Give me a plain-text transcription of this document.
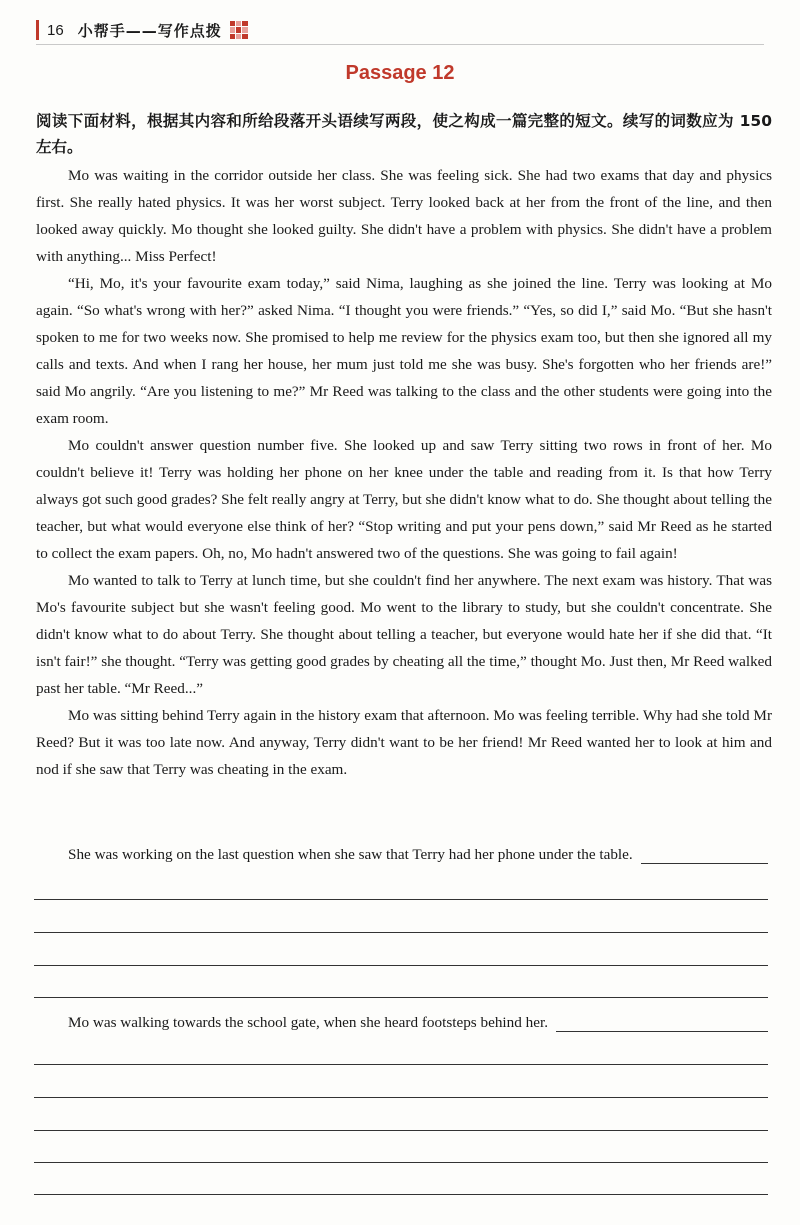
16 小帮手——写作点拨
Passage 12
阅读下面材料，根据其内容和所给段落开头语续写两段，使之构成一篇完整的短文。续写的词数应为 150 左右。

Mo was waiting in the corridor outside her class. She was feeling sick. She had two exams that day and physics first. She really hated physics. It was her worst subject. Terry looked back at her from the front of the line, and then looked away quickly. Mo thought she looked guilty. She didn't have a problem with physics. She didn't have a problem with anything... Miss Perfect!

“Hi, Mo, it's your favourite exam today,” said Nima, laughing as she joined the line. Terry was looking at Mo again. “So what's wrong with her?” asked Nima. “I thought you were friends.” “Yes, so did I,” said Mo. “But she hasn't spoken to me for two weeks now. She promised to help me review for the physics exam too, but then she ignored all my calls and texts. And when I rang her house, her mum just told me she was busy. She's forgotten who her friends are!” said Mo angrily. “Are you listening to me?” Mr Reed was talking to the class and the other students were going into the exam room.

Mo couldn't answer question number five. She looked up and saw Terry sitting two rows in front of her. Mo couldn't believe it! Terry was holding her phone on her knee under the table and reading from it. Is that how Terry always got such good grades? She felt really angry at Terry, but she didn't know what to do. She thought about telling the teacher, but what would everyone else think of her? “Stop writing and put your pens down,” said Mr Reed as he started to collect the exam papers. Oh, no, Mo hadn't answered two of the questions. She was going to fail again!

Mo wanted to talk to Terry at lunch time, but she couldn't find her anywhere. The next exam was history. That was Mo's favourite subject but she wasn't feeling good. Mo went to the library to study, but she couldn't concentrate. She didn't know what to do about Terry. She thought about telling a teacher, but everyone would hate her if she did that. “It isn't fair!” she thought. “Terry was getting good grades by cheating all the time,” thought Mo. Just then, Mr Reed walked past her table. “Mr Reed...”

Mo was sitting behind Terry again in the history exam that afternoon. Mo was feeling terrible. Why had she told Mr Reed? But it was too late now. And anyway, Terry didn't want to be her friend! Mr Reed wanted her to look at him and nod if she saw that Terry was cheating in the exam.

She was working on the last question when she saw that Terry had her phone under the table.
Mo was walking towards the school gate, when she heard footsteps behind her.
